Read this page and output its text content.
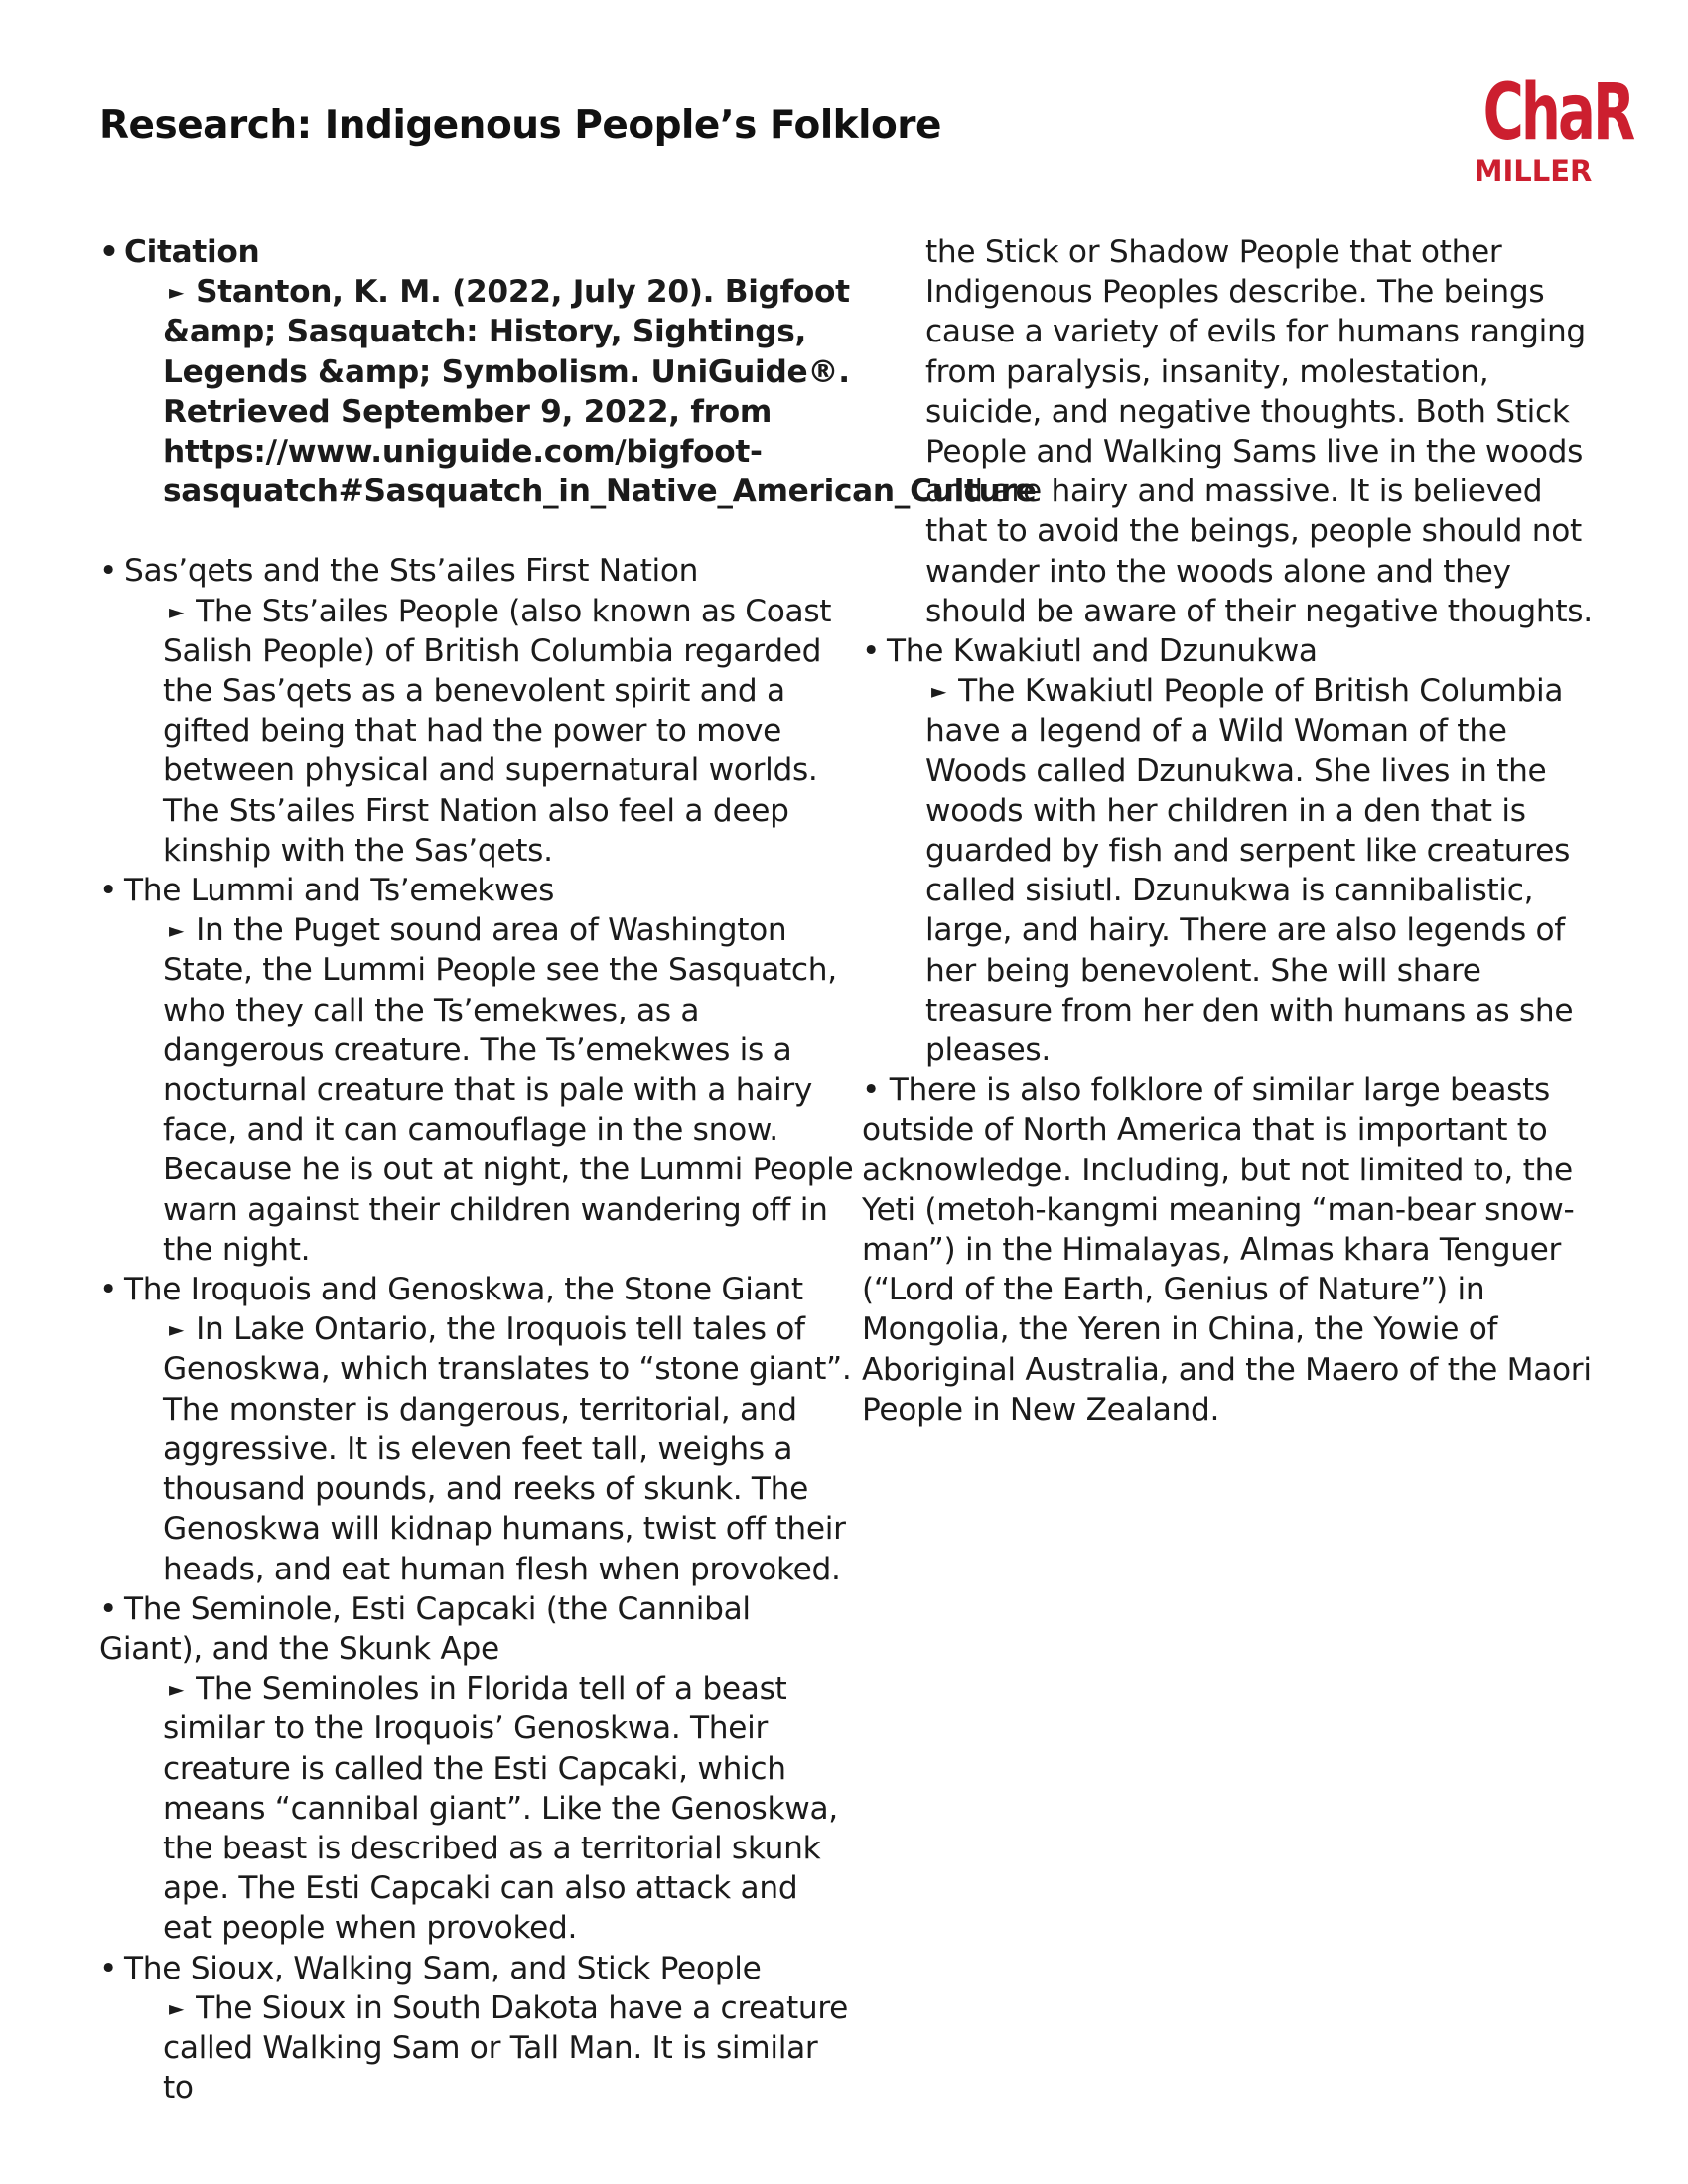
Research: Indigenous People’s Folklore	ChaR
MILLER
• Citation
► Stanton, K. M. (2022, July 20). Bigfoot &amp; Sasquatch: History, Sightings, Legends &amp; Symbolism. UniGuide®. Retrieved September 9, 2022, from https://www.uniguide.com/bigfoot-sasquatch#Sasquatch_in_Native_American_Culture
• Sas’qets and the Sts’ailes First Nation
► The Sts’ailes People (also known as Coast Salish People) of British Columbia regarded the Sas’qets as a benevolent spirit and a gifted being that had the power to move between physical and supernatural worlds. The Sts’ailes First Nation also feel a deep kinship with the Sas’qets.
• The Lummi and Ts’emekwes
► In the Puget sound area of Washington State, the Lummi People see the Sasquatch, who they call the Ts’emekwes, as a dangerous creature. The Ts’emekwes is a nocturnal creature that is pale with a hairy face, and it can camouflage in the snow. Because he is out at night, the Lummi People warn against their children wandering off in the night.
• The Iroquois and Genoskwa, the Stone Giant
► In Lake Ontario, the Iroquois tell tales of Genoskwa, which translates to “stone giant”. The monster is dangerous, territorial, and aggressive. It is eleven feet tall, weighs a thousand pounds, and reeks of skunk. The Genoskwa will kidnap humans, twist off their heads, and eat human flesh when provoked.
• The Seminole, Esti Capcaki (the Cannibal Giant), and the Skunk Ape
► The Seminoles in Florida tell of a beast similar to the Iroquois’ Genoskwa. Their creature is called the Esti Capcaki, which means “cannibal giant”. Like the Genoskwa, the beast is described as a territorial skunk ape. The Esti Capcaki can also attack and eat people when provoked.
• The Sioux, Walking Sam, and Stick People
► The Sioux in South Dakota have a creature called Walking Sam or Tall Man. It is similar to
the Stick or Shadow People that other Indigenous Peoples describe. The beings cause a variety of evils for humans ranging from paralysis, insanity, molestation, suicide, and negative thoughts. Both Stick People and Walking Sams live in the woods and are hairy and massive. It is believed that to avoid the beings, people should not wander into the woods alone and they should be aware of their negative thoughts.
• The Kwakiutl and Dzunukwa
► The Kwakiutl People of British Columbia have a legend of a Wild Woman of the Woods called Dzunukwa. She lives in the woods with her children in a den that is guarded by fish and serpent like creatures called sisiutl. Dzunukwa is cannibalistic, large, and hairy. There are also legends of her being benevolent. She will share treasure from her den with humans as she pleases.
• There is also folklore of similar large beasts outside of North America that is important to acknowledge. Including, but not limited to, the Yeti (metoh-kangmi meaning “man-bear snow-man”) in the Himalayas, Almas khara Tenguer (“Lord of the Earth, Genius of Nature”) in Mongolia, the Yeren in China, the Yowie of Aboriginal Australia, and the Maero of the Maori People in New Zealand.
